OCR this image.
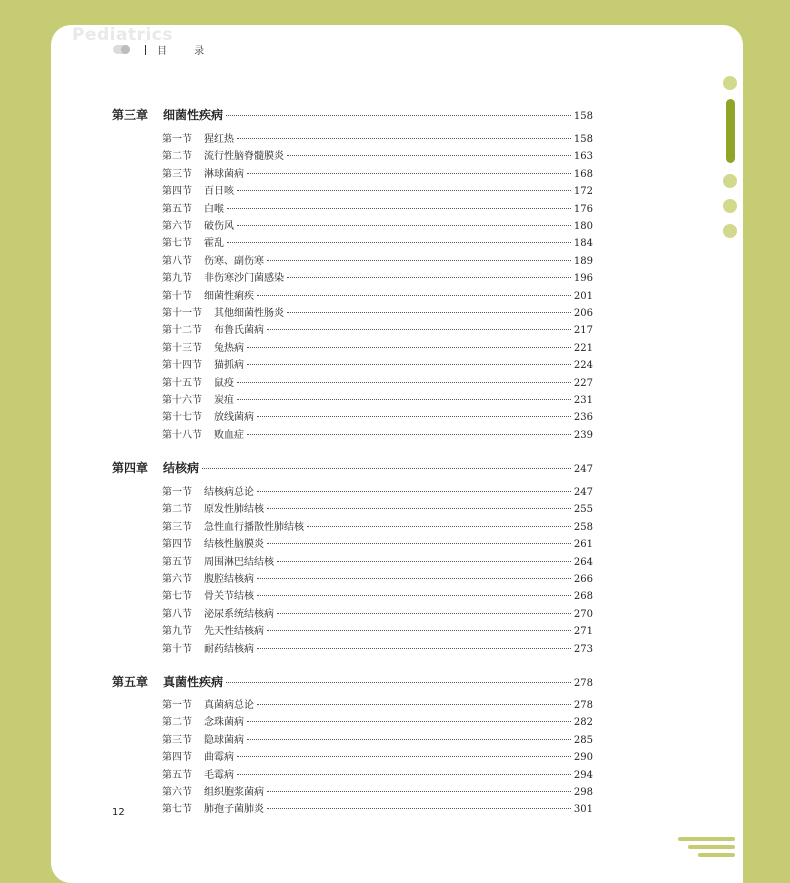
Pediatrics
目 录
第三章	细菌性疾病	158
第一节 猩红热	158
第二节 流行性脑脊髓膜炎	163
第三节 淋球菌病	168
第四节 百日咳	172
第五节 白喉	176
第六节 破伤风	180
第七节 霍乱	184
第八节 伤寒、副伤寒	189
第九节 非伤寒沙门菌感染	196
第十节 细菌性痢疾	201
第十一节 其他细菌性肠炎	206
第十二节 布鲁氏菌病	217
第十三节 兔热病	221
第十四节 猫抓病	224
第十五节 鼠疫	227
第十六节 炭疽	231
第十七节 放线菌病	236
第十八节 败血症	239
第四章	结核病	247
第一节 结核病总论	247
第二节 原发性肺结核	255
第三节 急性血行播散性肺结核	258
第四节 结核性脑膜炎	261
第五节 周围淋巴结结核	264
第六节 腹腔结核病	266
第七节 骨关节结核	268
第八节 泌尿系统结核病	270
第九节 先天性结核病	271
第十节 耐药结核病	273
第五章	真菌性疾病	278
第一节 真菌病总论	278
第二节 念珠菌病	282
第三节 隐球菌病	285
第四节 曲霉病	290
第五节 毛霉病	294
第六节 组织胞浆菌病	298
第七节 肺孢子菌肺炎	301
12
